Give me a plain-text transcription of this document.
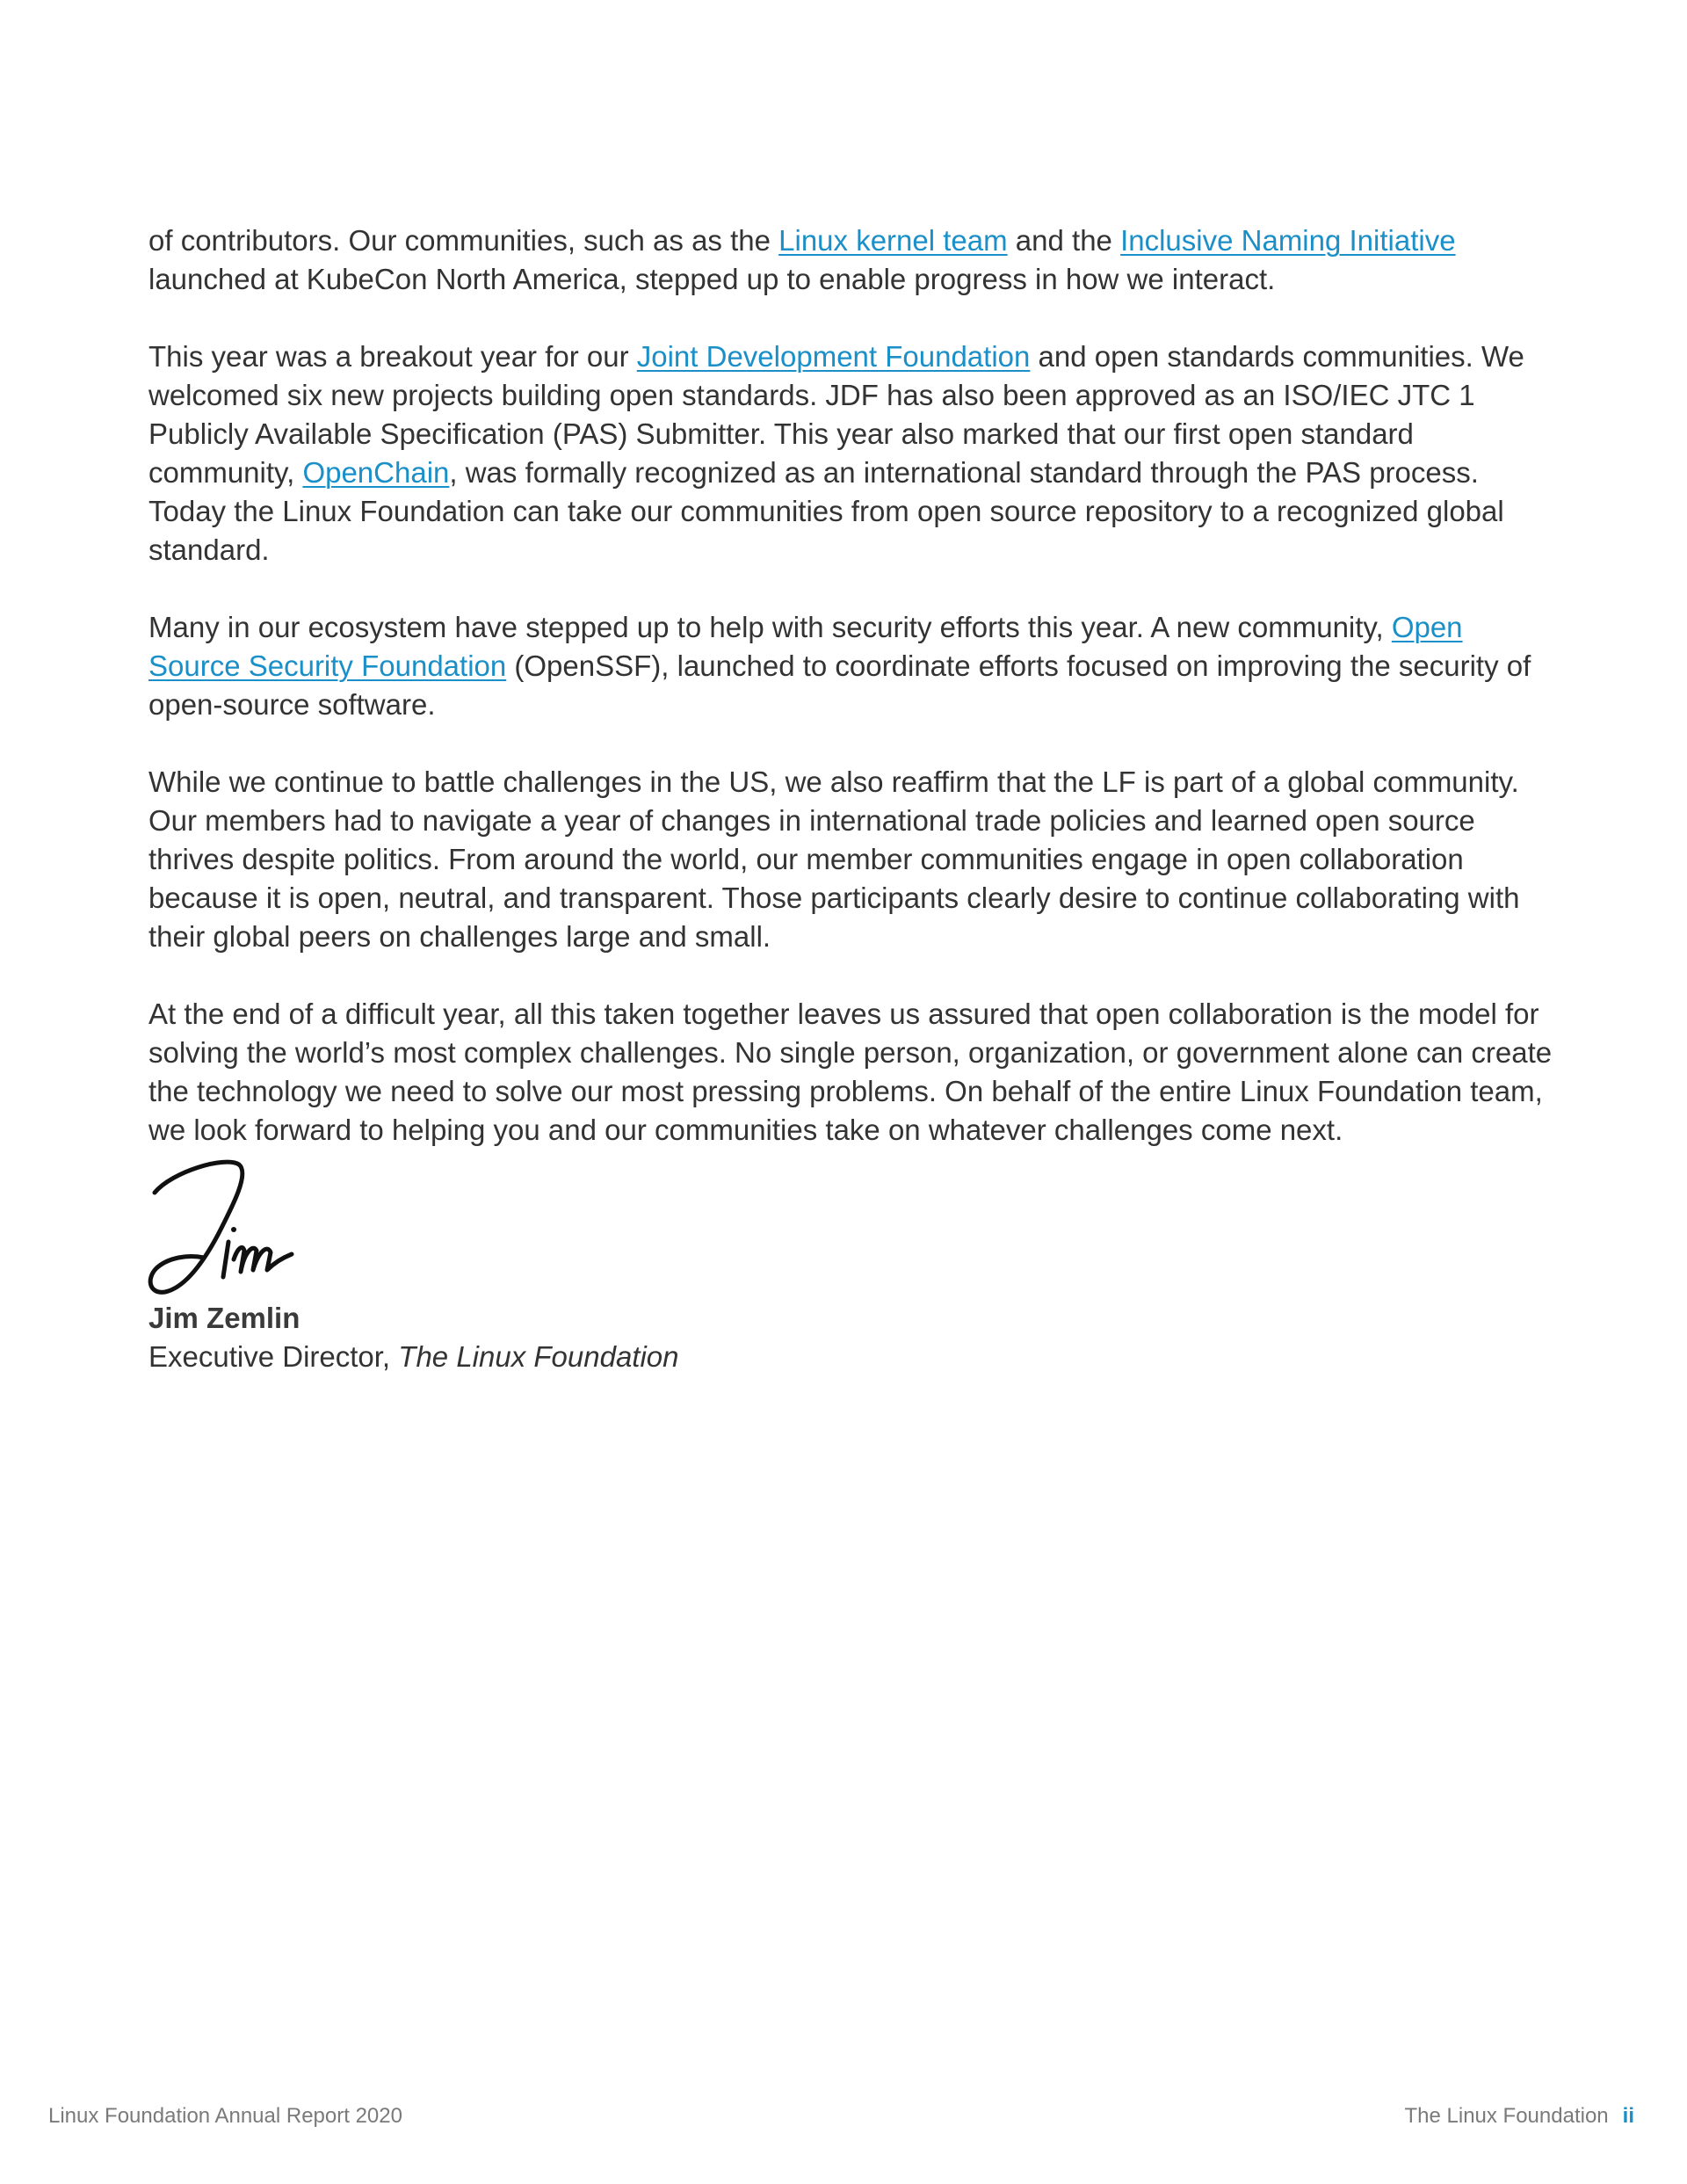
of contributors. Our communities, such as as the Linux kernel team and the Inclusive Naming Initiative launched at KubeCon North America, stepped up to enable progress in how we interact.

This year was a breakout year for our Joint Development Foundation and open standards communities. We welcomed six new projects building open standards. JDF has also been approved as an ISO/IEC JTC 1 Publicly Available Specification (PAS) Submitter. This year also marked that our first open standard community, OpenChain, was formally recognized as an international standard through the PAS process. Today the Linux Foundation can take our communities from open source repository to a recognized global standard.

Many in our ecosystem have stepped up to help with security efforts this year. A new community, Open Source Security Foundation (OpenSSF), launched to coordinate efforts focused on improving the security of open-source software.

While we continue to battle challenges in the US, we also reaffirm that the LF is part of a global community. Our members had to navigate a year of changes in international trade policies and learned open source thrives despite politics. From around the world, our member communities engage in open collaboration because it is open, neutral, and transparent. Those participants clearly desire to continue collaborating with their global peers on challenges large and small.

At the end of a difficult year, all this taken together leaves us assured that open collaboration is the model for solving the world’s most complex challenges. No single person, organization, or government alone can create the technology we need to solve our most pressing problems. On behalf of the entire Linux Foundation team, we look forward to helping you and our communities take on whatever challenges come next.

Jim Zemlin
Executive Director, The Linux Foundation
Linux Foundation Annual Report 2020	The Linux Foundation ii
